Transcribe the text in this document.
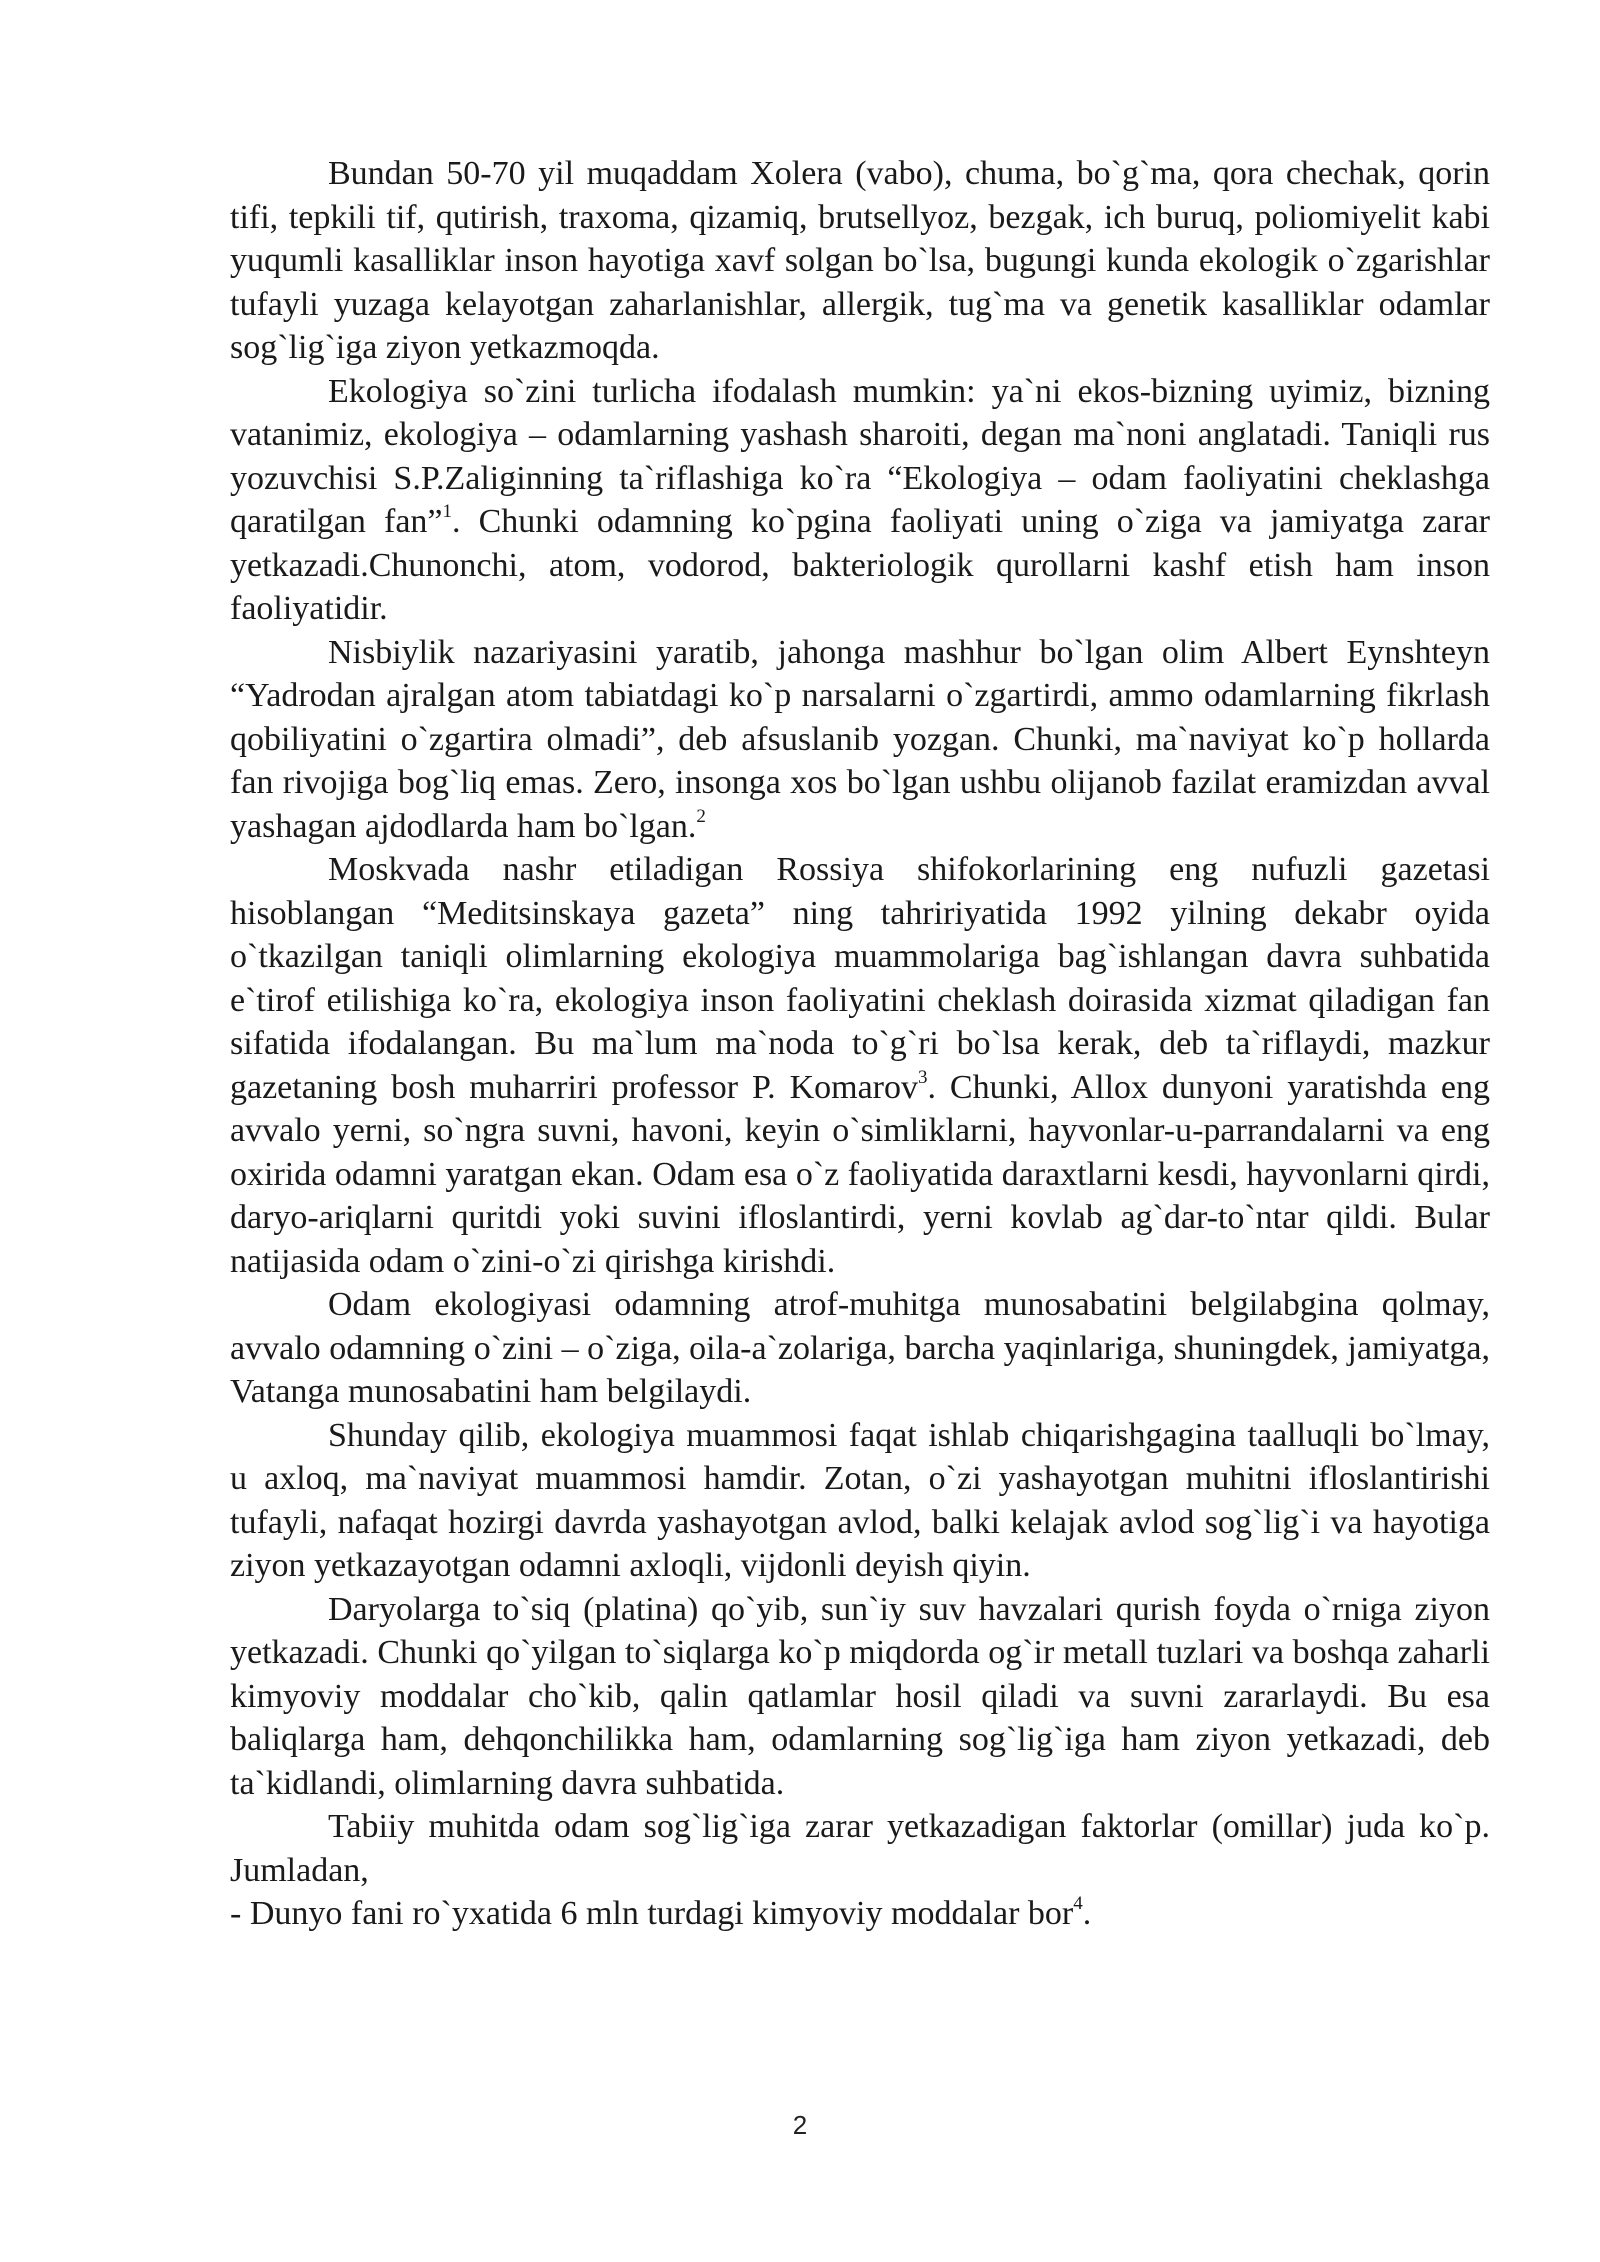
Bundan 50-70 yil muqaddam Xolera (vabo), chuma, bo`g`ma, qora chechak, qorin tifi, tepkili tif, qutirish, traxoma, qizamiq, brutsellyoz, bezgak, ich buruq, poliomiyelit kabi yuqumli kasalliklar inson hayotiga xavf solgan bo`lsa, bugungi kunda ekologik o`zgarishlar tufayli yuzaga kelayotgan zaharlanishlar, allergik, tug`ma va genetik kasalliklar odamlar sog`lig`iga ziyon yetkazmoqda.

Ekologiya so`zini turlicha ifodalash mumkin: ya`ni ekos-bizning uyimiz, bizning vatanimiz, ekologiya – odamlarning yashash sharoiti, degan ma`noni anglatadi. Taniqli rus yozuvchisi S.P.Zaliginning ta`riflashiga ko`ra “Ekologiya – odam faoliyatini cheklashga qaratilgan fan”$^1$. Chunki odamning ko`pgina faoliyati uning o`ziga va jamiyatga zarar yetkazadi.Chunonchi, atom, vodorod, bakteriologik qurollarni kashf etish ham inson faoliyatidir.

Nisbiylik nazariyasini yaratib, jahonga mashhur bo`lgan olim Albert Eynshteyn “Yadrodan ajralgan atom tabiatdagi ko`p narsalarni o`zgartirdi, ammo odamlarning fikrlash qobiliyatini o`zgartira olmadi”, deb afsuslanib yozgan. Chunki, ma`naviyat ko`p hollarda fan rivojiga bog`liq emas. Zero, insonga xos bo`lgan ushbu olijanob fazilat eramizdan avval yashagan ajdodlarda ham bo`lgan.$^2$

Moskvada nashr etiladigan Rossiya shifokorlarining eng nufuzli gazetasi hisoblangan “Meditsinskaya gazeta” ning tahririyatida 1992 yilning dekabr oyida o`tkazilgan taniqli olimlarning ekologiya muammolariga bag`ishlangan davra suhbatida e`tirof etilishiga ko`ra, ekologiya inson faoliyatini cheklash doirasida xizmat qiladigan fan sifatida ifodalangan. Bu ma`lum ma`noda to`g`ri bo`lsa kerak, deb ta`riflaydi, mazkur gazetaning bosh muharriri professor P. Komarov$^3$. Chunki, Allox dunyoni yaratishda eng avvalo yerni, so`ngra suvni, havoni, keyin o`simliklarni, hayvonlar-u-parrandalarni va eng oxirida odamni yaratgan ekan. Odam esa o`z faoliyatida daraxtlarni kesdi, hayvonlarni qirdi, daryo-ariqlarni quritdi yoki suvini ifloslantirdi, yerni kovlab ag`dar-to`ntar qildi. Bular natijasida odam o`zini-o`zi qirishga kirishdi.

Odam ekologiyasi odamning atrof-muhitga munosabatini belgilabgina qolmay, avvalo odamning o`zini – o`ziga, oila-a`zolariga, barcha yaqinlariga, shuningdek, jamiyatga, Vatanga munosabatini ham belgilaydi.

Shunday qilib, ekologiya muammosi faqat ishlab chiqarishgagina taalluqli bo`lmay, u axloq, ma`naviyat muammosi hamdir. Zotan, o`zi yashayotgan muhitni ifloslantirishi tufayli, nafaqat hozirgi davrda yashayotgan avlod, balki kelajak avlod sog`lig`i va hayotiga ziyon yetkazayotgan odamni axloqli, vijdonli deyish qiyin.

Daryolarga to`siq (platina) qo`yib, sun`iy suv havzalari qurish foyda o`rniga ziyon yetkazadi. Chunki qo`yilgan to`siqlarga ko`p miqdorda og`ir metall tuzlari va boshqa zaharli kimyoviy moddalar cho`kib, qalin qatlamlar hosil qiladi va suvni zararlaydi. Bu esa baliqlarga ham, dehqonchilikka ham, odamlarning sog`lig`iga ham ziyon yetkazadi, deb ta`kidlandi, olimlarning davra suhbatida.

Tabiiy muhitda odam sog`lig`iga zarar yetkazadigan faktorlar (omillar) juda ko`p. Jumladan,

- Dunyo fani ro`yxatida 6 mln turdagi kimyoviy moddalar bor$^4$.

2
